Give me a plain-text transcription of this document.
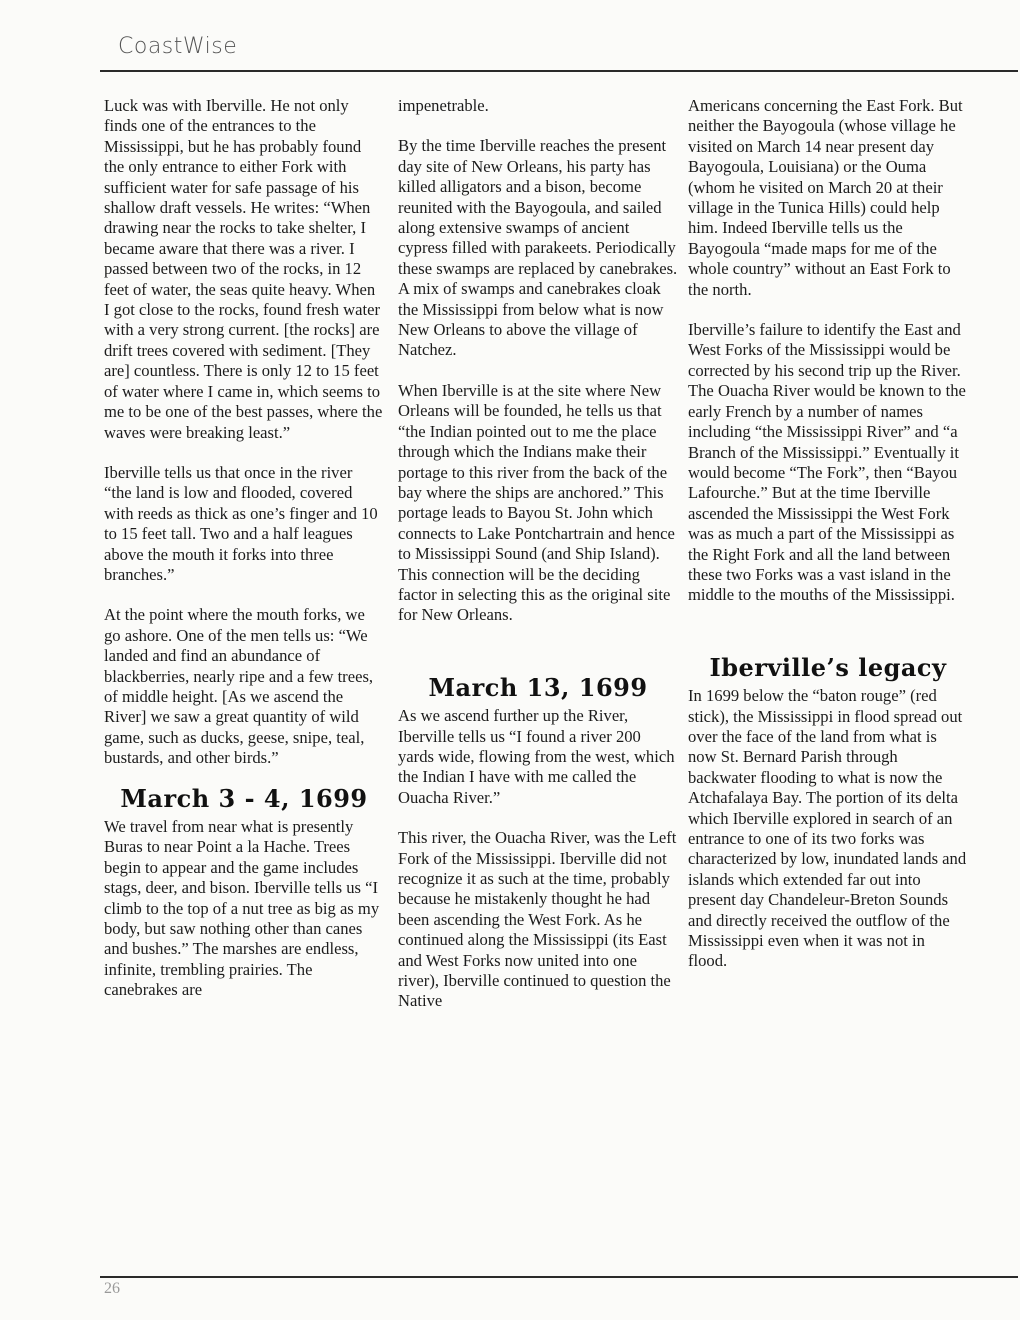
CoastWise

Luck was with Iberville. He not only finds one of the entrances to the Mississippi, but he has probably found the only entrance to either Fork with sufficient water for safe passage of his shallow draft vessels. He writes: “When drawing near the rocks to take shelter, I became aware that there was a river. I passed between two of the rocks, in 12 feet of water, the seas quite heavy. When I got close to the rocks, found fresh water with a very strong current. [the rocks] are drift trees covered with sediment. [They are] countless. There is only 12 to 15 feet of water where I came in, which seems to me to be one of the best passes, where the waves were breaking least.”

Iberville tells us that once in the river “the land is low and flooded, covered with reeds as thick as one’s finger and 10 to 15 feet tall. Two and a half leagues above the mouth it forks into three branches.”

At the point where the mouth forks, we go ashore. One of the men tells us: “We landed and find an abundance of blackberries, nearly ripe and a few trees, of middle height. [As we ascend the River] we saw a great quantity of wild game, such as ducks, geese, snipe, teal, bustards, and other birds.”

March 3 - 4, 1699

We travel from near what is presently Buras to near Point a la Hache. Trees begin to appear and the game includes stags, deer, and bison. Iberville tells us “I climb to the top of a nut tree as big as my body, but saw nothing other than canes and bushes.” The marshes are endless, infinite, trembling prairies. The canebrakes are

impenetrable.

By the time Iberville reaches the present day site of New Orleans, his party has killed alligators and a bison, become reunited with the Bayogoula, and sailed along extensive swamps of ancient cypress filled with parakeets. Periodically these swamps are replaced by canebrakes. A mix of swamps and canebrakes cloak the Mississippi from below what is now New Orleans to above the village of Natchez.

When Iberville is at the site where New Orleans will be founded, he tells us that “the Indian pointed out to me the place through which the Indians make their portage to this river from the back of the bay where the ships are anchored.” This portage leads to Bayou St. John which connects to Lake Pontchartrain and hence to Mississippi Sound (and Ship Island). This connection will be the deciding factor in selecting this as the original site for New Orleans.

March 13, 1699

As we ascend further up the River, Iberville tells us “I found a river 200 yards wide, flowing from the west, which the Indian I have with me called the Ouacha River.”

This river, the Ouacha River, was the Left Fork of the Mississippi. Iberville did not recognize it as such at the time, probably because he mistakenly thought he had been ascending the West Fork. As he continued along the Mississippi (its East and West Forks now united into one river), Iberville continued to question the Native

Americans concerning the East Fork. But neither the Bayogoula (whose village he visited on March 14 near present day Bayogoula, Louisiana) or the Ouma (whom he visited on March 20 at their village in the Tunica Hills) could help him. Indeed Iberville tells us the Bayogoula “made maps for me of the whole country” without an East Fork to the north.

Iberville’s failure to identify the East and West Forks of the Mississippi would be corrected by his second trip up the River. The Ouacha River would be known to the early French by a number of names including “the Mississippi River” and “a Branch of the Mississippi.” Eventually it would become “The Fork”, then “Bayou Lafourche.” But at the time Iberville ascended the Mississippi the West Fork was as much a part of the Mississippi as the Right Fork and all the land between these two Forks was a vast island in the middle to the mouths of the Mississippi.

Iberville’s legacy

In 1699 below the “baton rouge” (red stick), the Mississippi in flood spread out over the face of the land from what is now St. Bernard Parish through backwater flooding to what is now the Atchafalaya Bay. The portion of its delta which Iberville explored in search of an entrance to one of its two forks was characterized by low, inundated lands and islands which extended far out into present day Chandeleur-Breton Sounds and directly received the outflow of the Mississippi even when it was not in flood.

26
